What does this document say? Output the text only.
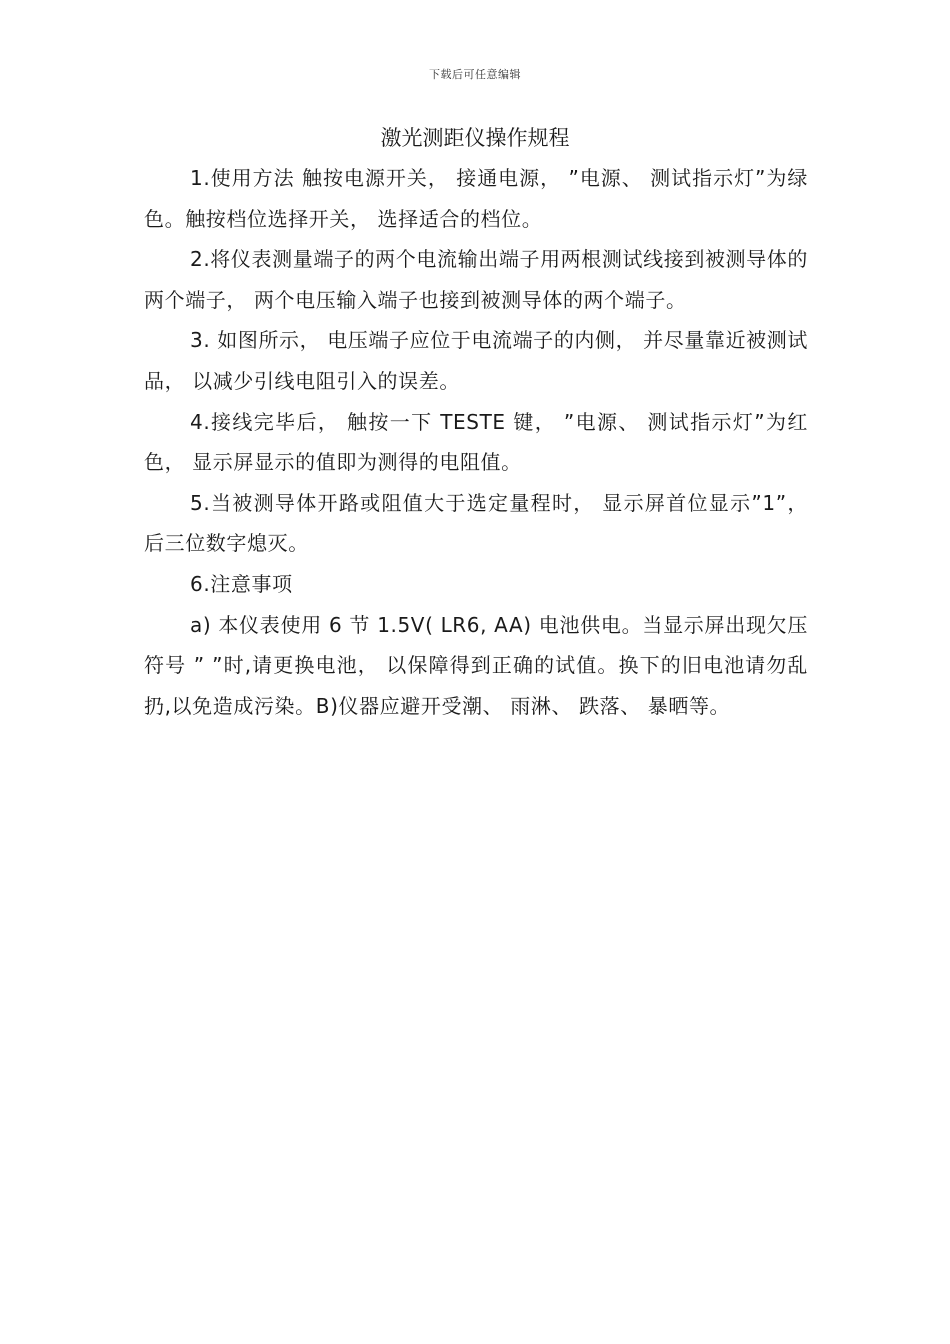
下载后可任意编辑
激光测距仪操作规程

1.使用方法 触按电源开关， 接通电源， ”电源、 测试指示灯”为绿色。触按档位选择开关， 选择适合的档位。

2.将仪表测量端子的两个电流输出端子用两根测试线接到被测导体的两个端子， 两个电压输入端子也接到被测导体的两个端子。

3. 如图所示， 电压端子应位于电流端子的内侧， 并尽量靠近被测试品， 以减少引线电阻引入的误差。

4.接线完毕后， 触按一下 TESTE 键， ”电源、 测试指示灯”为红色， 显示屏显示的值即为测得的电阻值。

5.当被测导体开路或阻值大于选定量程时， 显示屏首位显示”1”， 后三位数字熄灭。

6.注意事项

a) 本仪表使用 6 节 1.5V( LR6, AA) 电池供电。当显示屏出现欠压符号 ” ”时,请更换电池， 以保障得到正确的试值。换下的旧电池请勿乱扔,以免造成污染。B)仪器应避开受潮、 雨淋、 跌落、 暴晒等。
